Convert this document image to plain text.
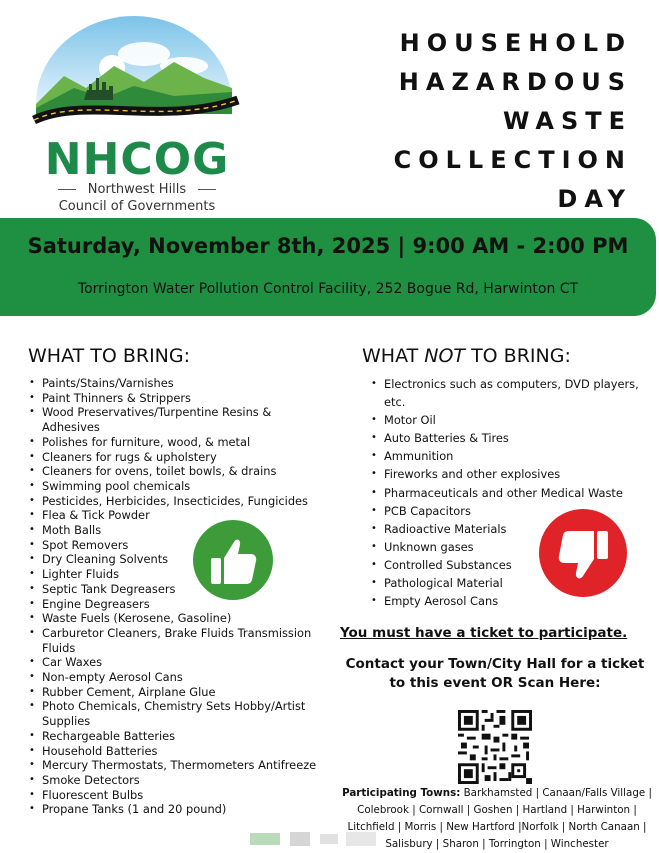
NHCOG
Northwest Hills
Council of Governments
HOUSEHOLD
HAZARDOUS
WASTE
COLLECTION
DAY
Saturday, November 8th, 2025 | 9:00 AM - 2:00 PM
Torrington Water Pollution Control Facility, 252 Bogue Rd, Harwinton CT
WHAT TO BRING:
• Paints/Stains/Varnishes
• Paint Thinners & Strippers
• Wood Preservatives/Turpentine Resins & Adhesives
• Polishes for furniture, wood, & metal
• Cleaners for rugs & upholstery
• Cleaners for ovens, toilet bowls, & drains
• Swimming pool chemicals
• Pesticides, Herbicides, Insecticides, Fungicides
• Flea & Tick Powder
• Moth Balls
• Spot Removers
• Dry Cleaning Solvents
• Lighter Fluids
• Septic Tank Degreasers
• Engine Degreasers
• Waste Fuels (Kerosene, Gasoline)
• Carburetor Cleaners, Brake Fluids Transmission Fluids
• Car Waxes
• Non-empty Aerosol Cans
• Rubber Cement, Airplane Glue
• Photo Chemicals, Chemistry Sets Hobby/Artist Supplies
• Rechargeable Batteries
• Household Batteries
• Mercury Thermostats, Thermometers Antifreeze
• Smoke Detectors
• Fluorescent Bulbs
• Propane Tanks (1 and 20 pound)
WHAT NOT TO BRING:
• Electronics such as computers, DVD players, etc.
• Motor Oil
• Auto Batteries & Tires
• Ammunition
• Fireworks and other explosives
• Pharmaceuticals and other Medical Waste
• PCB Capacitors
• Radioactive Materials
• Unknown gases
• Controlled Substances
• Pathological Material
• Empty Aerosol Cans
You must have a ticket to participate.
Contact your Town/City Hall for a ticket to this event OR Scan Here:
Participating Towns: Barkhamsted | Canaan/Falls Village | Colebrook | Cornwall | Goshen | Hartland | Harwinton | Litchfield | Morris | New Hartford |Norfolk | North Canaan | Salisbury | Sharon | Torrington | Winchester
